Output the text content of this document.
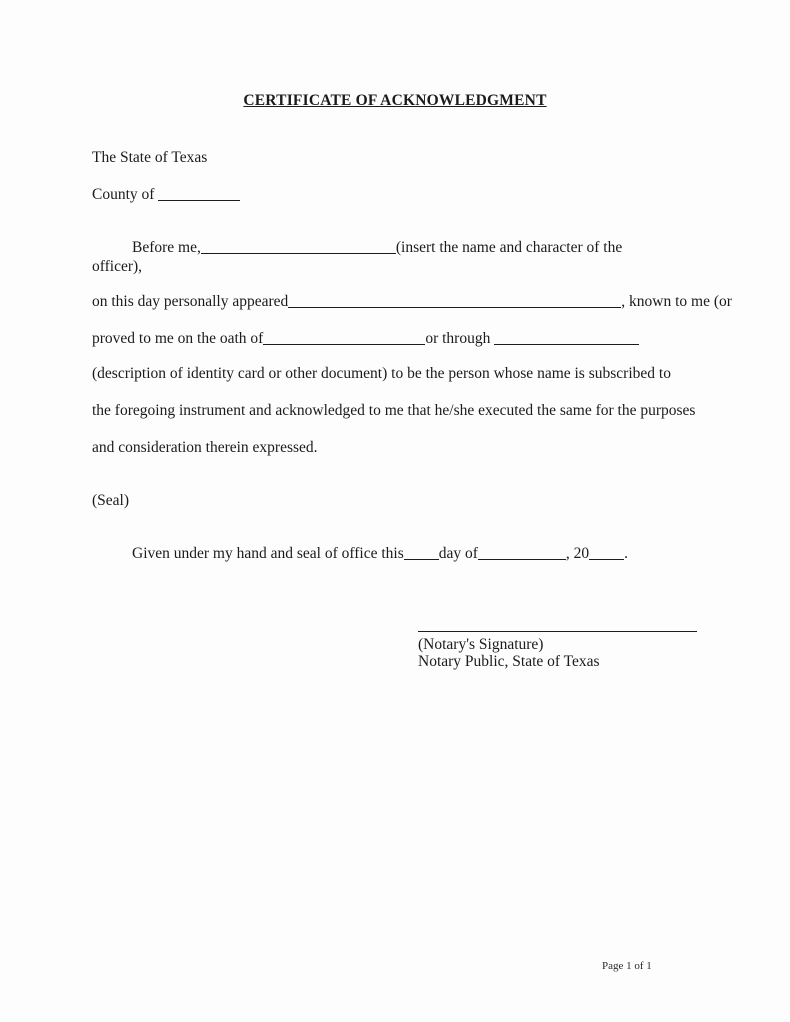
CERTIFICATE OF ACKNOWLEDGMENT
The State of Texas
County of
Before me,	(insert the name and character of the
officer),
on this day personally appeared	, known to me (or
proved to me on the oath of	or through
(description of identity card or other document) to be the person whose name is subscribed to
the foregoing instrument and acknowledged to me that he/she executed the same for the purposes
and consideration therein expressed.
(Seal)
Given under my hand and seal of office this day of	, 20 .
(Notary's Signature)
Notary Public, State of Texas
Page 1 of 1
